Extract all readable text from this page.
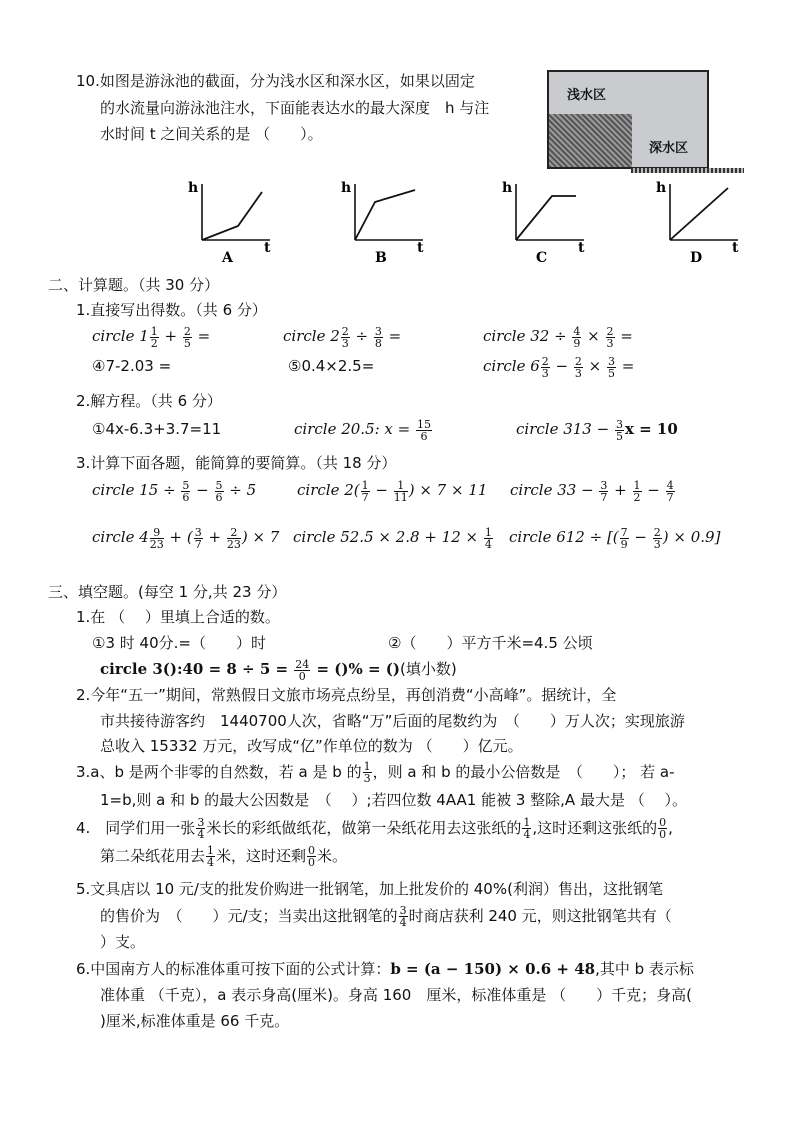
10.如图是游泳池的截面，分为浅水区和深水区，如果以固定
的水流量向游泳池注水，下面能表达水的最大深度　h 与注
水时间 t 之间关系的是 （　　）。
浅水区
深水区
h
t
A
h
t
B
h
t
C
h
t
D
二、计算题。（共 30 分）
1.直接写出得数。（共 6 分）
circle $1 \frac{1}{2} + \frac{2}{5}$ =	circle $2 \frac{2}{3} \div \frac{3}{8}$ =	circle $32 \div \frac{4}{9} \times \frac{2}{3}$ =
④7-2.03 =	⑤0.4×2.5=	circle $6 \frac{2}{3} - \frac{2}{3} \times \frac{3}{5}$ =
2.解方程。（共 6 分）
①4x-6.3+3.7=11	circle 20.5: $x = \frac{15}{6}$	circle $313 - \frac{3}{5}$ x = 10
3.计算下面各题，能简算的要简算。（共 18 分）
circle $15 \div \frac{5}{6} - \frac{5}{6} \div 5$	circle $2( \frac{1}{7} - \frac{1}{11}$ ) × 7 × 11 circle $33 - \frac{3}{7} + \frac{1}{2} - \frac{4}{7}$
circle $4 \frac{9}{23}$ + ( $\frac{3}{7} + \frac{2}{23}$ ) × 7 circle $52.5 \times 2.8 + 12 \times \frac{1}{4}$ circle 612 ÷ [( $\frac{7}{9} - \frac{2}{3}$ ) × 0.9]
三、填空题。(每空 1 分,共 23 分）
1.在 （　 ）里填上合适的数。
①3 时 40分.=（　　）时	②（　　）平方千米=4.5 公顷
circle 3():40 = $8 \div 5 = \frac{24}{0}$ = ()% = ()(填小数)
2.今年“五一”期间，常熟假日文旅市场亮点纷呈，再创消费“小高峰”。据统计，全
市共接待游客约　1440700人次，省略“万”后面的尾数约为　（　　）万人次；实现旅游
总收入 15332 万元，改写成“亿”作单位的数为 （　　）亿元。
3.a、b 是两个非零的自然数，若 a 是 b 的 $\frac{1}{3}$ ，则 a 和 b 的最小公倍数是　（　　）； 若 a-
1=b,则 a 和 b 的最大公因数是　（　 ）;若四位数 4AA1 能被 3 整除,A 最大是 （　 ）。
4.　同学们用一张 $\frac{3}{4}$ 米长的彩纸做纸花，做第一朵纸花用去这张纸的 $\frac{1}{4}$ ,这时还剩这张纸的 $\frac{0}{0}$ ,
第二朵纸花用去 $\frac{1}{4}$ 米，这时还剩 $\frac{0}{0}$ 米。
5.文具店以 10 元/支的批发价购进一批钢笔，加上批发价的 40%(利润）售出，这批钢笔
的售价为　（　　）元/支；当卖出这批钢笔的 $\frac{3}{4}$ 时商店获利 240 元，则这批钢笔共有（
）支。
6.中国南方人的标准体重可按下面的公式计算：b = (a − 150) × 0.6 + 48,其中 b 表示标
准体重 （千克），a 表示身高(厘米)。身高 160　厘米，标准体重是 （　　）千克；身高(
)厘米,标准体重是 66 千克。
